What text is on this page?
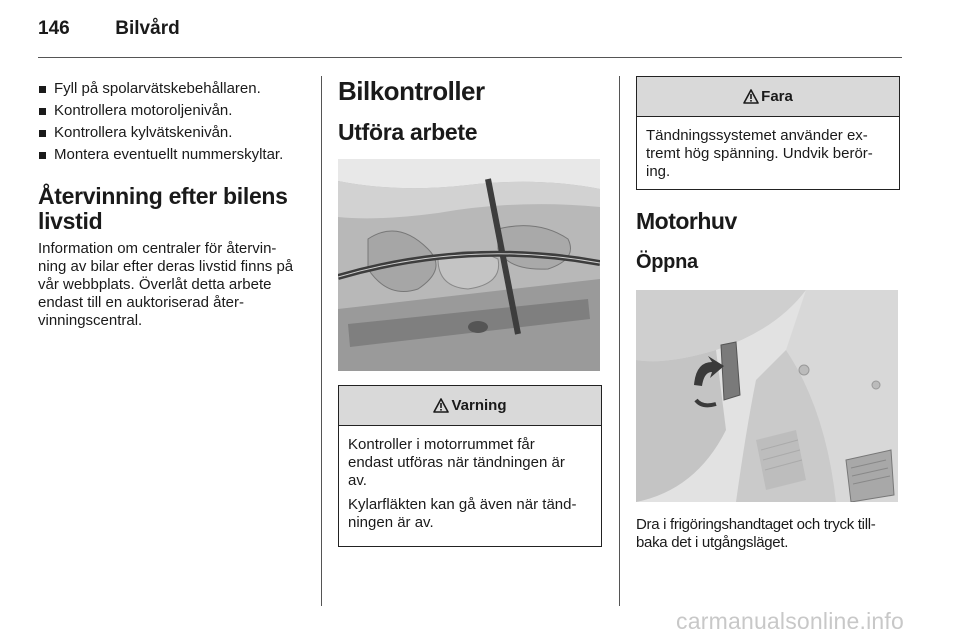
146 Bilvård
Fyll på spolarvätskebehållaren.
Kontrollera motoroljenivån.
Kontrollera kylvätskenivån.
Montera eventuellt nummerskyltar.
Återvinning efter bilens
livstid

Information om centraler för återvin-
ning av bilar efter deras livstid finns på
vår webbplats. Överlåt detta arbete
endast till en auktoriserad åter-
vinningscentral.

Bilkontroller
Utföra arbete
Varning

Kontroller i motorrummet får
endast utföras när tändningen är
av.

Kylarfläkten kan gå även när tänd-
ningen är av.

Fara

Tändningssystemet använder ex-
tremt hög spänning. Undvik berör-
ing.

Motorhuv
Öppna

Dra i frigöringshandtaget och tryck till-
baka det i utgångsläget.

carmanualsonline.info
